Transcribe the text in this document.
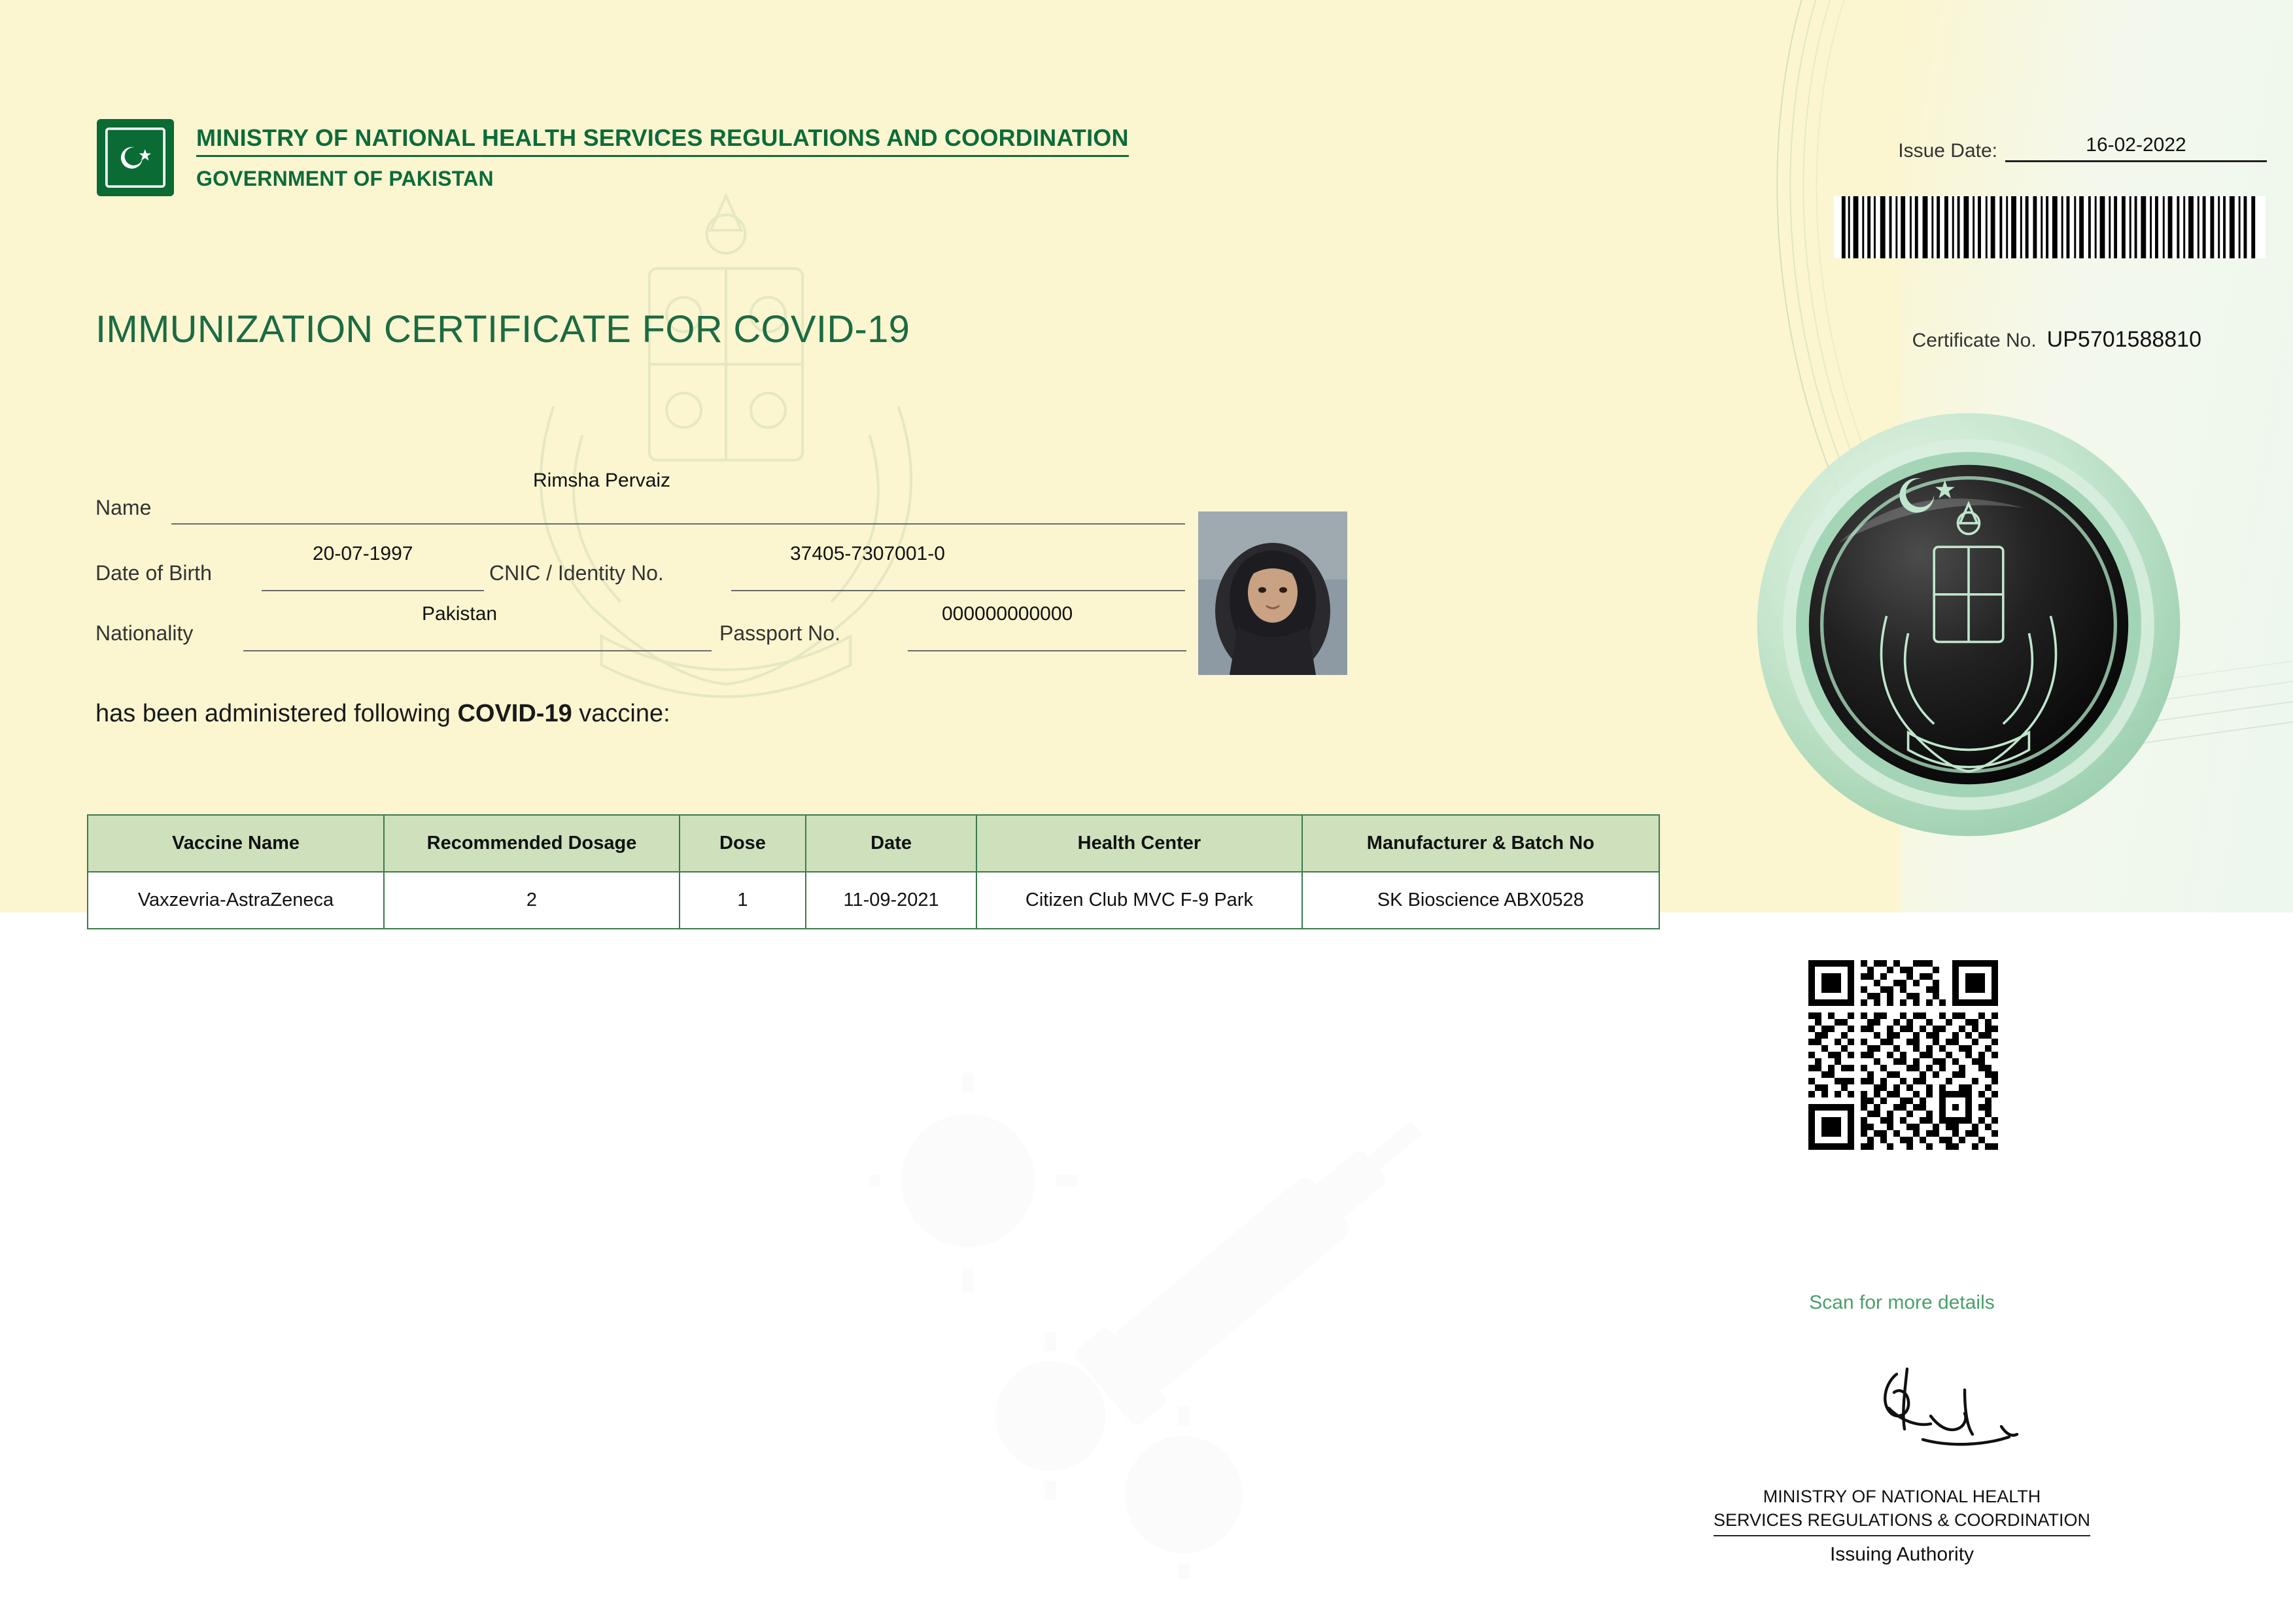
MINISTRY OF NATIONAL HEALTH SERVICES REGULATIONS AND COORDINATION
GOVERNMENT OF PAKISTAN
IMMUNIZATION CERTIFICATE FOR COVID-19
Issue Date:	16-02-2022
Certificate No. UP5701588810
Name
Rimsha Pervaiz
Date of Birth
20-07-1997
CNIC / Identity No.
37405-7307001-0
Nationality
Pakistan
Passport No.
000000000000
has been administered following COVID-19 vaccine:
Vaccine Name	Recommended Dosage	Dose	Date	Health Center	Manufacturer & Batch No
Vaxzevria-AstraZeneca	2	1	11-09-2021	Citizen Club MVC F-9 Park	SK Bioscience ABX0528
Scan for more details
MINISTRY OF NATIONAL HEALTH
SERVICES REGULATIONS & COORDINATION
Issuing Authority
